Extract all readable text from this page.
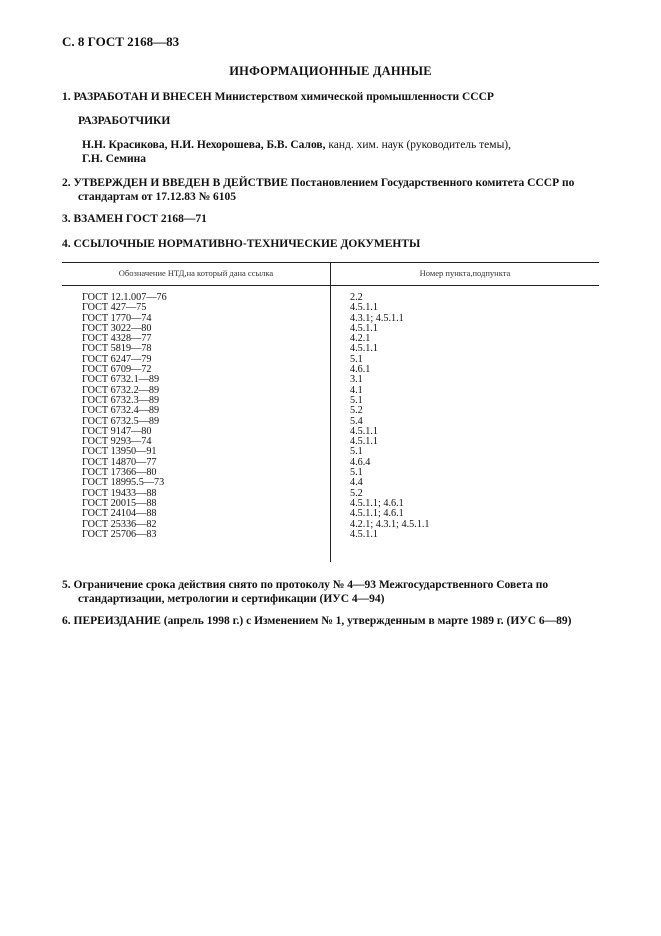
С. 8 ГОСТ 2168—83
ИНФОРМАЦИОННЫЕ ДАННЫЕ
1. РАЗРАБОТАН И ВНЕСЕН Министерством химической промышленности СССР
РАЗРАБОТЧИКИ
Н.Н. Красикова, Н.И. Нехорошева, Б.В. Салов, канд. хим. наук (руководитель темы),
Г.Н. Семина
2. УТВЕРЖДЕН И ВВЕДЕН В ДЕЙСТВИЕ Постановлением Государственного комитета СССР по
стандартам от 17.12.83 № 6105
3. ВЗАМЕН ГОСТ 2168—71
4. ССЫЛОЧНЫЕ НОРМАТИВНО-ТЕХНИЧЕСКИЕ ДОКУМЕНТЫ
Обозначение НТД,на который дана ссылка	Номер пункта,подпункта
ГОСТ 12.1.007—76
ГОСТ 427—75
ГОСТ 1770—74
ГОСТ 3022—80
ГОСТ 4328—77
ГОСТ 5819—78
ГОСТ 6247—79
ГОСТ 6709—72
ГОСТ 6732.1—89
ГОСТ 6732.2—89
ГОСТ 6732.3—89
ГОСТ 6732.4—89
ГОСТ 6732.5—89
ГОСТ 9147—80
ГОСТ 9293—74
ГОСТ 13950—91
ГОСТ 14870—77
ГОСТ 17366—80
ГОСТ 18995.5—73
ГОСТ 19433—88
ГОСТ 20015—88
ГОСТ 24104—88
ГОСТ 25336—82
ГОСТ 25706—83
2.2
4.5.1.1
4.3.1; 4.5.1.1
4.5.1.1
4.2.1
4.5.1.1
5.1
4.6.1
3.1
4.1
5.1
5.2
5.4
4.5.1.1
4.5.1.1
5.1
4.6.4
5.1
4.4
5.2
4.5.1.1; 4.6.1
4.5.1.1; 4.6.1
4.2.1; 4.3.1; 4.5.1.1
4.5.1.1
5. Ограничение срока действия снято по протоколу № 4—93 Межгосударственного Совета по
стандартизации, метрологии и сертификации (ИУС 4—94)
6. ПЕРЕИЗДАНИЕ (апрель 1998 г.) с Изменением № 1, утвержденным в марте 1989 г. (ИУС 6—89)
